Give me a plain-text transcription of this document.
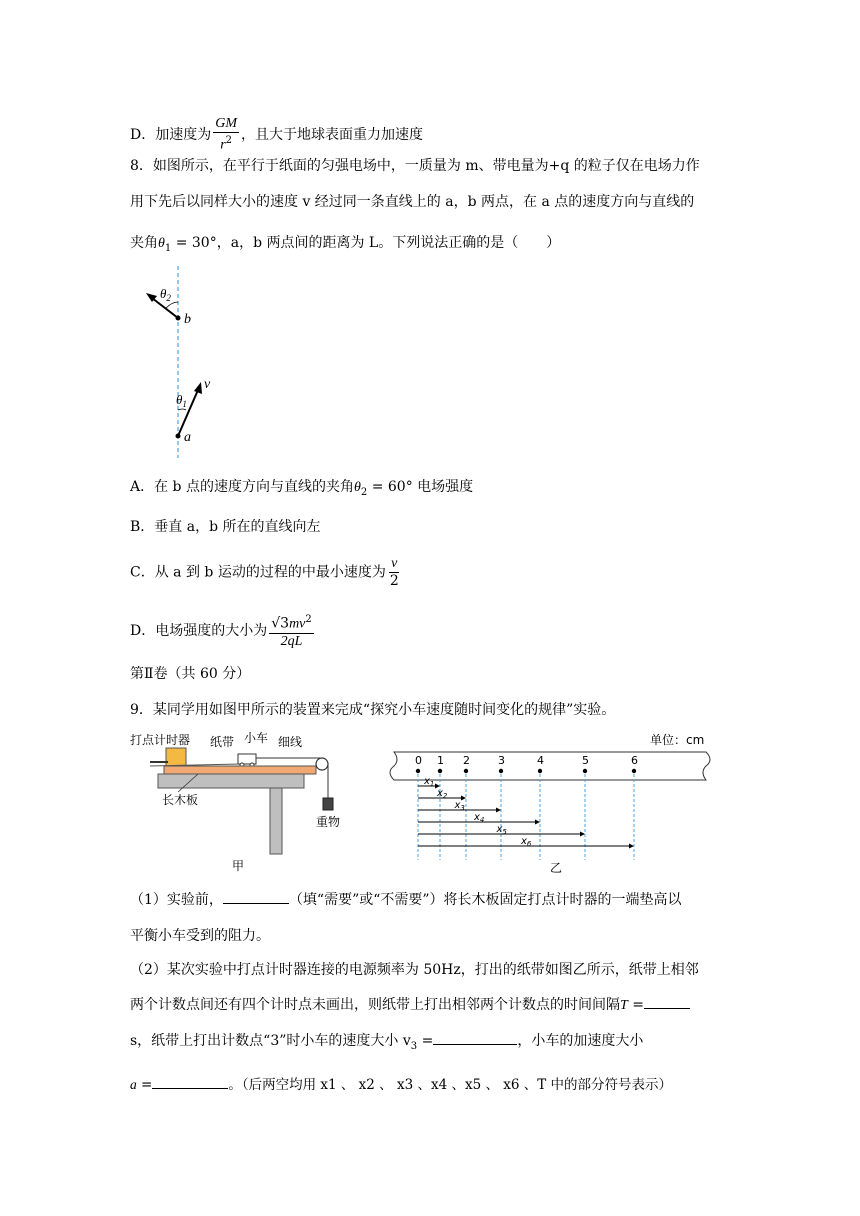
D．加速度为 $\frac{GM}{r^2}$ ，且大于地球表面重力加速度
8．如图所示，在平行于纸面的匀强电场中，一质量为 m、带电量为+q 的粒子仅在电场力作
用下先后以同样大小的速度 v 经过同一条直线上的 a，b 两点，在 a 点的速度方向与直线的
夹角$\theta_1 = 30^\circ$，a，b 两点间的距离为 L。下列说法正确的是（　　）
$\theta_2$
b
$\theta_1$
v
a
A．在 b 点的速度方向与直线的夹角$\theta_2 = 60^\circ$ 电场强度
B．垂直 a，b 所在的直线向左
C．从 a 到 b 运动的过程的中最小速度为 $\frac{v}{2}$
D．电场强度的大小为 $\frac{√3mv^2}{2qL}$
第Ⅱ卷（共 60 分）
9．某同学用如图甲所示的装置来完成“探究小车速度随时间变化的规律”实验。
打点计时器 纸带 小车 细线
长木板
重物
甲
单位：cm
0 1 2	3	4	5	6
$x_1$
$x_2$
$x_3$
$x_4$
$x_5$
$x_6$
乙
（1）实验前，	（填“需要”或“不需要”）将长木板固定打点计时器的一端垫高以
平衡小车受到的阻力。
（2）某次实验中打点计时器连接的电源频率为 50Hz，打出的纸带如图乙所示，纸带上相邻
两个计数点间还有四个计时点未画出，则纸带上打出相邻两个计数点的时间间隔T =
s，纸带上打出计数点“3”时小车的速度大小 $v_3$ =	，小车的加速度大小
a =	。（后两空均用 x1 、 x2 、 x3 、x4 、x5 、 x6 、T 中的部分符号表示）
